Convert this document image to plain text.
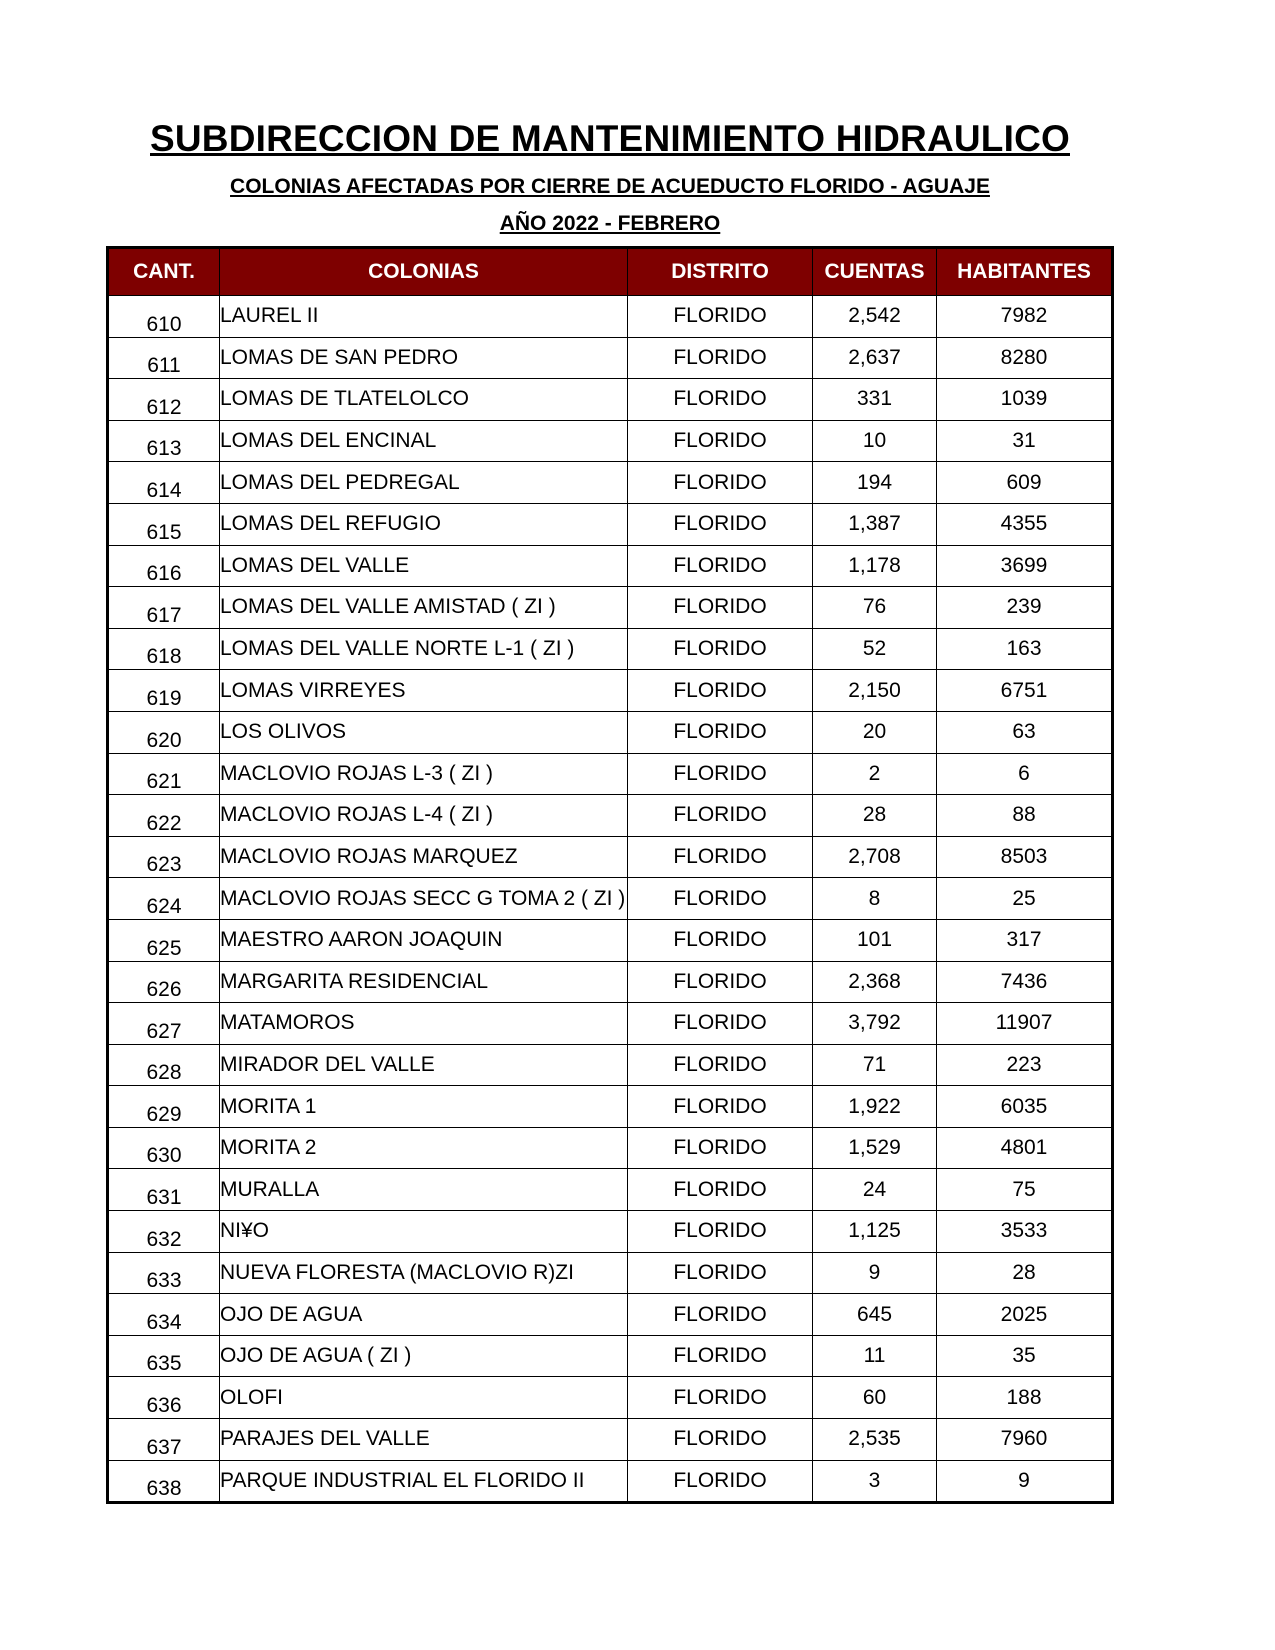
SUBDIRECCION DE MANTENIMIENTO HIDRAULICO
COLONIAS AFECTADAS POR CIERRE DE ACUEDUCTO FLORIDO - AGUAJE
AÑO 2022 - FEBRERO
CANT.	COLONIAS	DISTRITO	CUENTAS	HABITANTES
610	LAUREL II	FLORIDO	2,542	7982
611	LOMAS DE SAN PEDRO	FLORIDO	2,637	8280
612	LOMAS DE TLATELOLCO	FLORIDO	331	1039
613	LOMAS DEL ENCINAL	FLORIDO	10	31
614	LOMAS DEL PEDREGAL	FLORIDO	194	609
615	LOMAS DEL REFUGIO	FLORIDO	1,387	4355
616	LOMAS DEL VALLE	FLORIDO	1,178	3699
617	LOMAS DEL VALLE AMISTAD ( ZI )	FLORIDO	76	239
618	LOMAS DEL VALLE NORTE L-1 ( ZI )	FLORIDO	52	163
619	LOMAS VIRREYES	FLORIDO	2,150	6751
620	LOS OLIVOS	FLORIDO	20	63
621	MACLOVIO ROJAS L-3 ( ZI )	FLORIDO	2	6
622	MACLOVIO ROJAS L-4 ( ZI )	FLORIDO	28	88
623	MACLOVIO ROJAS MARQUEZ	FLORIDO	2,708	8503
624	MACLOVIO ROJAS SECC G TOMA 2 ( ZI )	FLORIDO	8	25
625	MAESTRO AARON JOAQUIN	FLORIDO	101	317
626	MARGARITA RESIDENCIAL	FLORIDO	2,368	7436
627	MATAMOROS	FLORIDO	3,792	11907
628	MIRADOR DEL VALLE	FLORIDO	71	223
629	MORITA 1	FLORIDO	1,922	6035
630	MORITA 2	FLORIDO	1,529	4801
631	MURALLA	FLORIDO	24	75
632	NI¥O	FLORIDO	1,125	3533
633	NUEVA FLORESTA (MACLOVIO R)ZI	FLORIDO	9	28
634	OJO DE AGUA	FLORIDO	645	2025
635	OJO DE AGUA ( ZI )	FLORIDO	11	35
636	OLOFI	FLORIDO	60	188
637	PARAJES DEL VALLE	FLORIDO	2,535	7960
638	PARQUE INDUSTRIAL EL FLORIDO II	FLORIDO	3	9
